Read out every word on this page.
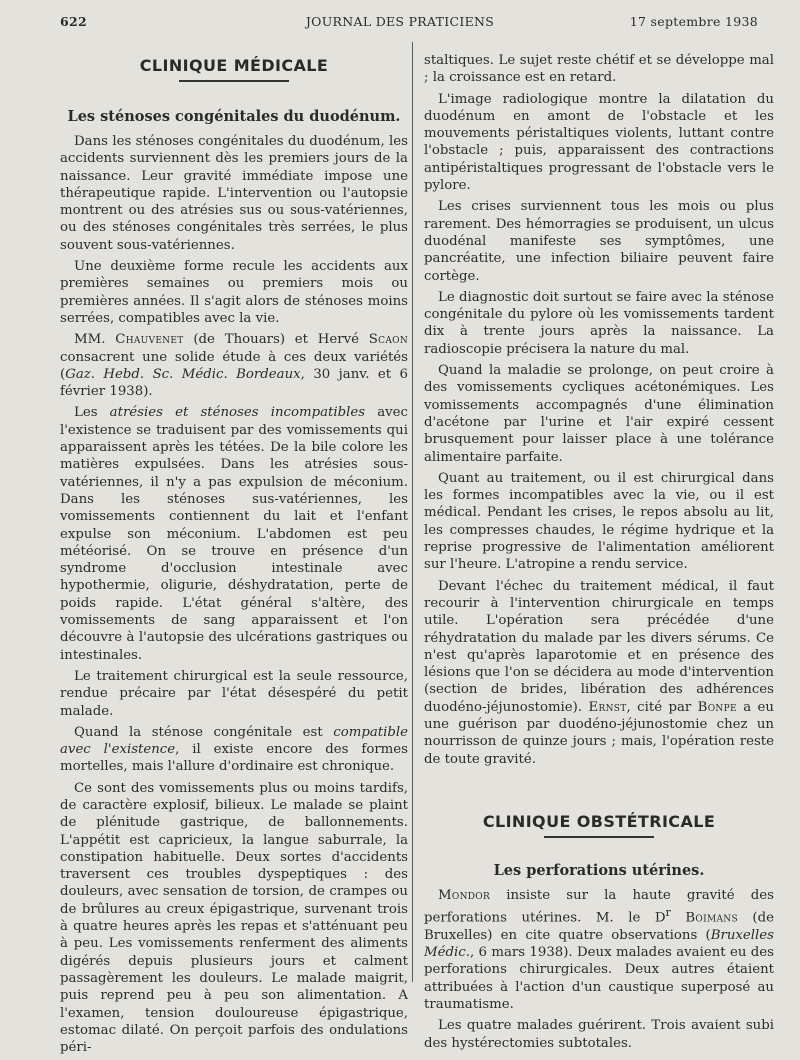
622	JOURNAL DES PRATICIENS	17 septembre 1938
CLINIQUE MÉDICALE
Les sténoses congénitales du duodénum.

Dans les sténoses congénitales du duodénum, les accidents surviennent dès les premiers jours de la naissance. Leur gravité immédiate impose une thérapeutique rapide. L'intervention ou l'autopsie montrent ou des atrésies sus ou sous-vatériennes, ou des sténoses congénitales très serrées, le plus souvent sous-vatériennes.

Une deuxième forme recule les accidents aux premières semaines ou premiers mois ou premières années. Il s'agit alors de sténoses moins serrées, compatibles avec la vie.

MM. Chauvenet (de Thouars) et Hervé Scaon consacrent une solide étude à ces deux variétés (Gaz. Hebd. Sc. Médic. Bordeaux, 30 janv. et 6 février 1938).

Les atrésies et sténoses incompatibles avec l'existence se traduisent par des vomissements qui apparaissent après les tétées. De la bile colore les matières expulsées. Dans les atrésies sous-vatériennes, il n'y a pas expulsion de méconium. Dans les sténoses sus-vatériennes, les vomissements contiennent du lait et l'enfant expulse son méconium. L'abdomen est peu météorisé. On se trouve en présence d'un syndrome d'occlusion intestinale avec hypothermie, oligurie, déshydratation, perte de poids rapide. L'état général s'altère, des vomissements de sang apparaissent et l'on découvre à l'autopsie des ulcérations gastriques ou intestinales.

Le traitement chirurgical est la seule ressource, rendue précaire par l'état désespéré du petit malade.

Quand la sténose congénitale est compatible avec l'existence, il existe encore des formes mortelles, mais l'allure d'ordinaire est chronique.

Ce sont des vomissements plus ou moins tardifs, de caractère explosif, bilieux. Le malade se plaint de plénitude gastrique, de ballonnements. L'appétit est capricieux, la langue saburrale, la constipation habituelle. Deux sortes d'accidents traversent ces troubles dyspeptiques : des douleurs, avec sensation de torsion, de crampes ou de brûlures au creux épigastrique, survenant trois à quatre heures après les repas et s'atténuant peu à peu. Les vomissements renferment des aliments digérés depuis plusieurs jours et calment passagèrement les douleurs. Le malade maigrit, puis reprend peu à peu son alimentation. A l'examen, tension douloureuse épigastrique, estomac dilaté. On perçoit parfois des ondulations péri-

staltiques. Le sujet reste chétif et se développe mal ; la croissance est en retard.

L'image radiologique montre la dilatation du duodénum en amont de l'obstacle et les mouvements péristaltiques violents, luttant contre l'obstacle ; puis, apparaissent des contractions antipéristaltiques progressant de l'obstacle vers le pylore.

Les crises surviennent tous les mois ou plus rarement. Des hémorragies se produisent, un ulcus duodénal manifeste ses symptômes, une pancréatite, une infection biliaire peuvent faire cortège.

Le diagnostic doit surtout se faire avec la sténose congénitale du pylore où les vomissements tardent dix à trente jours après la naissance. La radioscopie précisera la nature du mal.

Quand la maladie se prolonge, on peut croire à des vomissements cycliques acétonémiques. Les vomissements accompagnés d'une élimination d'acétone par l'urine et l'air expiré cessent brusquement pour laisser place à une tolérance alimentaire parfaite.

Quant au traitement, ou il est chirurgical dans les formes incompatibles avec la vie, ou il est médical. Pendant les crises, le repos absolu au lit, les compresses chaudes, le régime hydrique et la reprise progressive de l'alimentation améliorent sur l'heure. L'atropine a rendu service.

Devant l'échec du traitement médical, il faut recourir à l'intervention chirurgicale en temps utile. L'opération sera précédée d'une réhydratation du malade par les divers sérums. Ce n'est qu'après laparotomie et en présence des lésions que l'on se décidera au mode d'intervention (section de brides, libération des adhérences duodéno-jéjunostomie). Ernst, cité par Bonpe a eu une guérison par duodéno-jéjunostomie chez un nourrisson de quinze jours ; mais, l'opération reste de toute gravité.

CLINIQUE OBSTÉTRICALE
Les perforations utérines.

Mondor insiste sur la haute gravité des perforations utérines. M. le $D^r$ Boimans (de Bruxelles) en cite quatre observations (Bruxelles Médic., 6 mars 1938). Deux malades avaient eu des perforations chirurgicales. Deux autres étaient attribuées à l'action d'un caustique superposé au traumatisme.

Les quatre malades guérirent. Trois avaient subi des hystérectomies subtotales.
